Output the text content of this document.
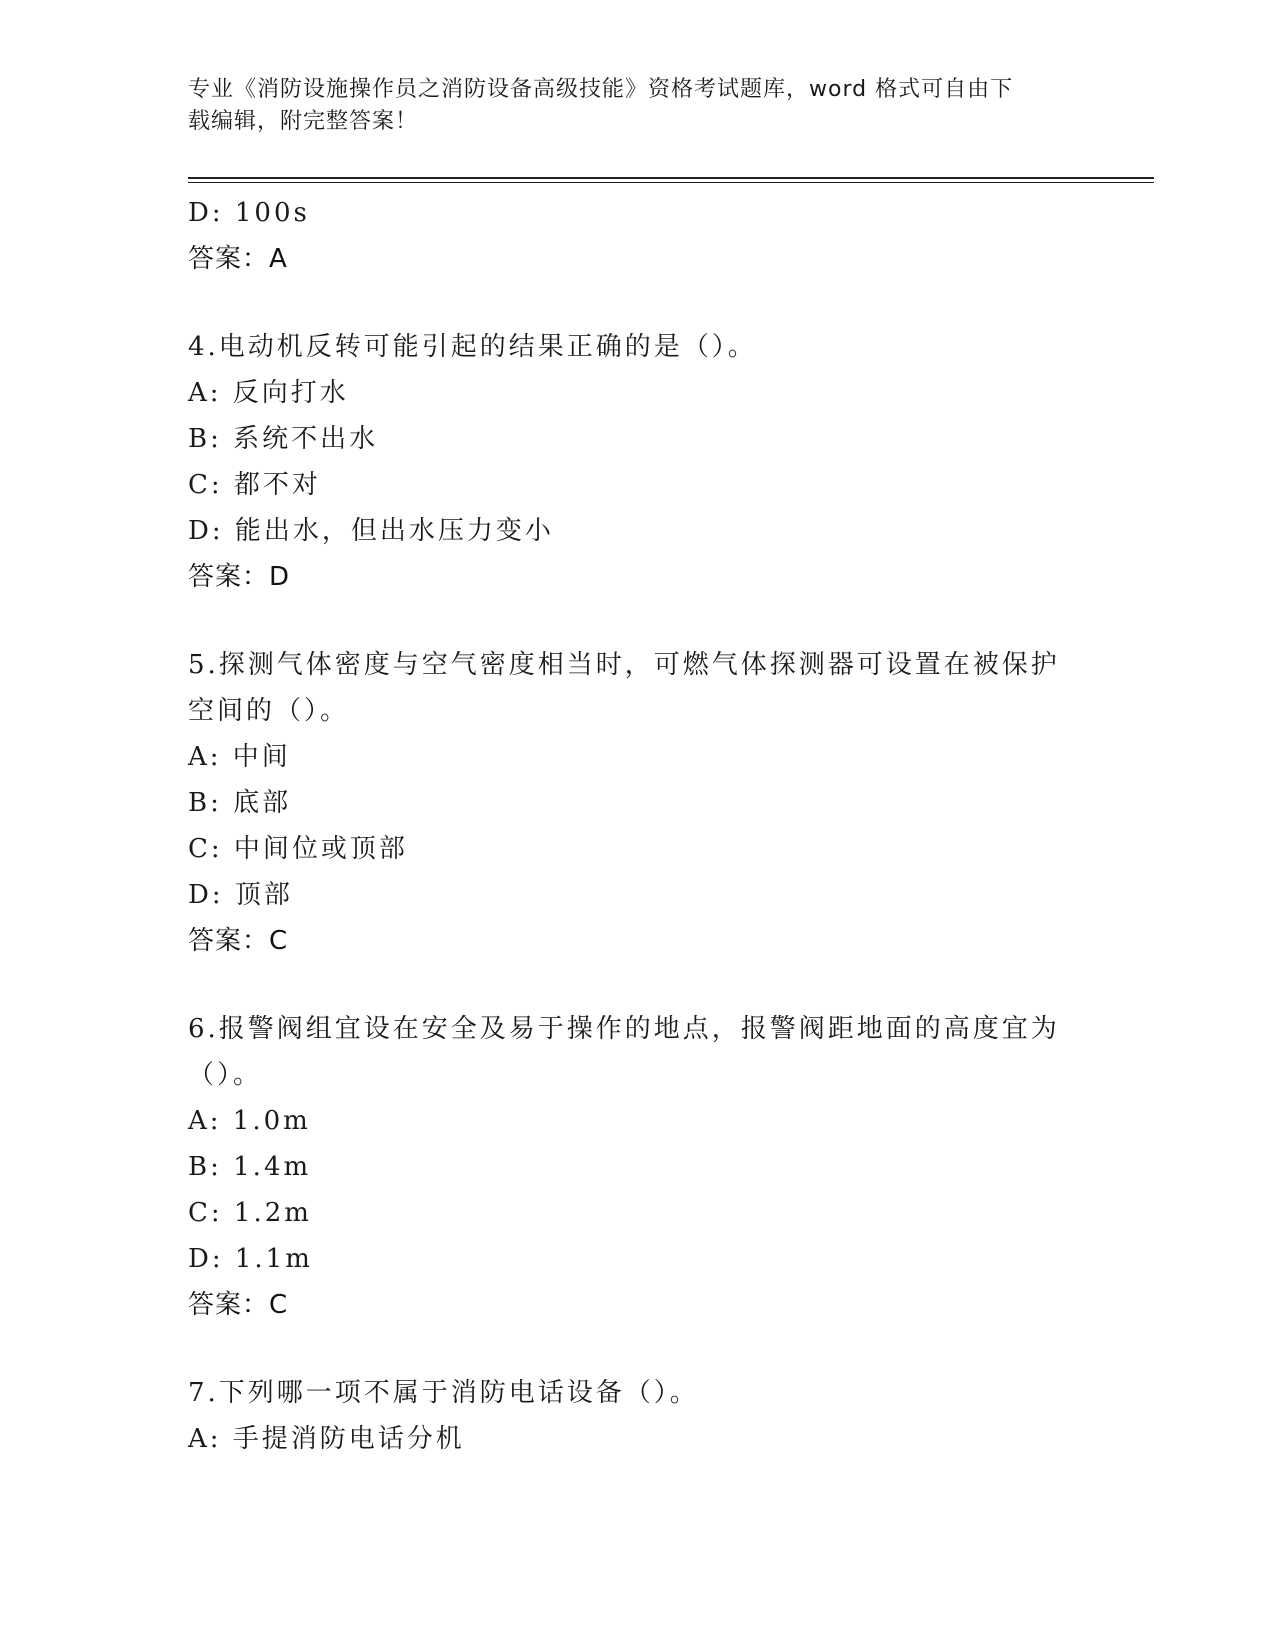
专业《消防设施操作员之消防设备高级技能》资格考试题库，word 格式可自由下
载编辑，附完整答案！

D: 100s

答案：A

4.电动机反转可能引起的结果正确的是（）。

A: 反向打水

B: 系统不出水

C: 都不对

D: 能出水，但出水压力变小

答案：D

5.探测气体密度与空气密度相当时，可燃气体探测器可设置在被保护

空间的（）。

A: 中间

B: 底部

C: 中间位或顶部

D: 顶部

答案：C

6.报警阀组宜设在安全及易于操作的地点，报警阀距地面的高度宜为

（）。

A: 1.0m

B: 1.4m

C: 1.2m

D: 1.1m

答案：C

7.下列哪一项不属于消防电话设备（）。

A: 手提消防电话分机
